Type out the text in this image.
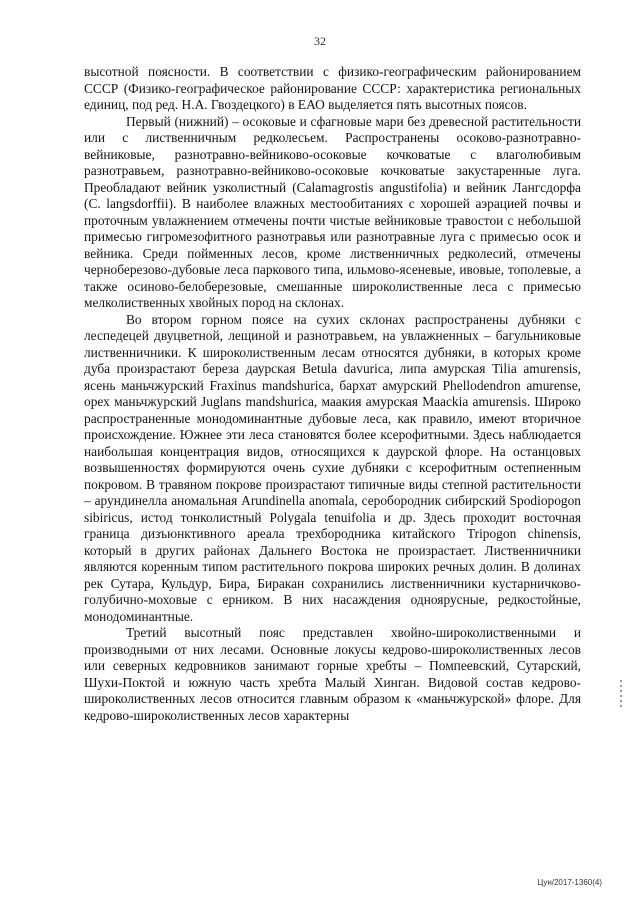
32

высотной поясности. В соответствии с физико-географическим районированием СССР (Физико-географическое районирование СССР: характеристика региональных единиц, под ред. Н.А. Гвоздецкого) в ЕАО выделяется пять высотных поясов.

Первый (нижний) – осоковые и сфагновые мари без древесной растительности или с лиственничным редколесьем. Распространены осоково-разнотравно-вейниковые, разнотравно-вейниково-осоковые кочковатые с влаголюбивым разнотравьем, разнотравно-вейниково-осоковые кочковатые закустаренные луга. Преобладают вейник узколистный (Calamagrostis angustifolia) и вейник Лангсдорфа (C. langsdorffii). В наиболее влажных местообитаниях с хорошей аэрацией почвы и проточным увлажнением отмечены почти чистые вейниковые травостои с небольшой примесью гигромезофитного разнотравья или разнотравные луга с примесью осок и вейника. Среди пойменных лесов, кроме лиственничных редколесий, отмечены черноберезово-дубовые леса паркового типа, ильмово-ясеневые, ивовые, тополевые, а также осиново-белоберезовые, смешанные широколиственные леса с примесью мелколиственных хвойных пород на склонах.

Во втором горном поясе на сухих склонах распространены дубняки с леспедецей двуцветной, лещиной и разнотравьем, на увлажненных – багульниковые лиственничники. К широколиственным лесам относятся дубняки, в которых кроме дуба произрастают береза даурская Betula davurica, липа амурская Tilia amurensis, ясень маньчжурский Fraxinus mandshurica, бархат амурский Phellodendron amurense, орех маньчжурский Juglans mandshurica, маакия амурская Maackia amurensis. Широко распространенные монодоминантные дубовые леса, как правило, имеют вторичное происхождение. Южнее эти леса становятся более ксерофитными. Здесь наблюдается наибольшая концентрация видов, относящихся к даурской флоре. На останцовых возвышенностях формируются очень сухие дубняки с ксерофитным остепненным покровом. В травяном покрове произрастают типичные виды степной растительности – арундинелла аномальная Arundinella anomala, серобородник сибирский Spodiopogon sibiricus, истод тонколистный Polygala tenuifolia и др. Здесь проходит восточная граница дизъюнктивного ареала трехбородника китайского Tripogon chinensis, который в других районах Дальнего Востока не произрастает. Лиственничники являются коренным типом растительного покрова широких речных долин. В долинах рек Сутара, Кульдур, Бира, Биракан сохранились лиственничники кустарничково-голубично-моховые с ерником. В них насаждения одноярусные, редкостойные, монодоминантные.

Третий высотный пояс представлен хвойно-широколиственными и производными от них лесами. Основные локусы кедрово-широколиственных лесов или северных кедровников занимают горные хребты – Помпеевский, Сутарский, Шухи-Поктой и южную часть хребта Малый Хинган. Видовой состав кедрово-широколиственных лесов относится главным образом к «маньчжурской» флоре. Для кедрово-широколиственных лесов характерны

Цун/2017-1360(4)
